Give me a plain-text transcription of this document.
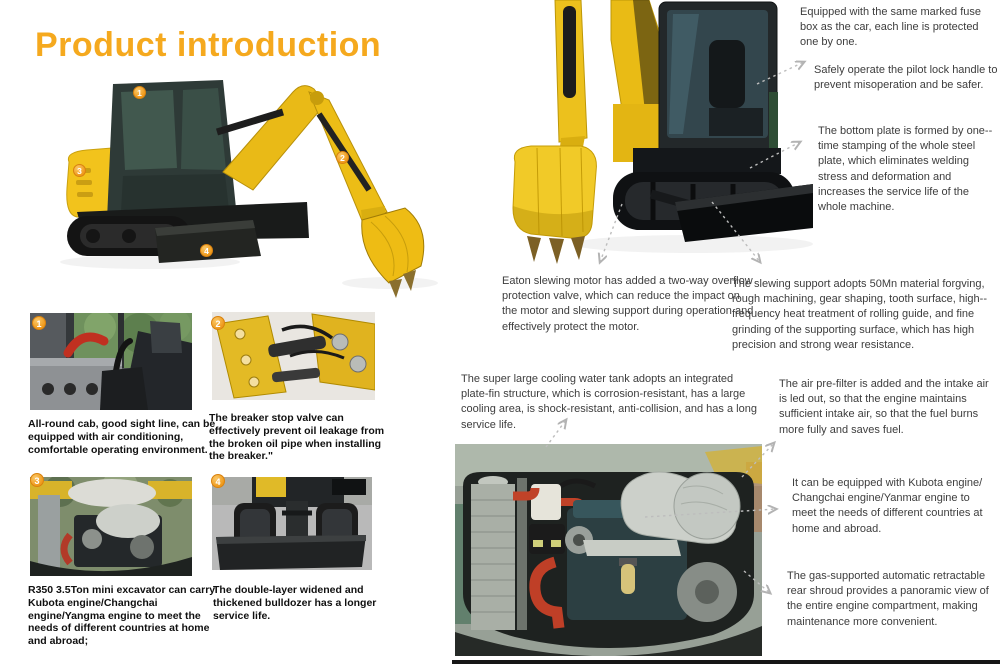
Product introduction
1
2
3
4
1

All-round cab, good sight line, can be equipped with air conditioning, comfortable operating environment.

2

The breaker stop valve can effectively prevent oil leakage from the broken oil pipe when installing the breaker."

3

R350 3.5Ton mini excavator can carry Kubota engine/Changchai engine/Yangma engine to meet the needs of different countries at home and abroad;

4

The double-layer widened and thickened bulldozer has a longer service life.

Equipped with the same marked fuse box as the car, each line is protected one by one.

Safely operate the pilot lock handle to prevent misoperation and be safer.

The bottom plate is formed by one--time stamping of the whole steel plate, which eliminates welding stress and deformation and increases the service life of the whole machine.

Eaton slewing motor has added a two-way overflow protection valve, which can reduce the impact on the motor and slewing support during operation and effectively protect the motor.

The slewing support adopts 50Mn material forgving, rough machining, gear shaping, tooth surface, high--frequency heat treatment of rolling guide, and fine grinding of the supporting surface, which has high precision and strong wear resistance.

The super large cooling water tank adopts an integrated plate-fin structure, which is corrosion-resistant, has a large cooling area, is shock-resistant, anti-collision, and has a long service life.

The air pre-filter is added and the intake air is led out, so that the engine maintains sufficient intake air, so that the fuel burns more fully and saves fuel.

It can be equipped with Kubota engine/ Changchai engine/Yanmar engine to meet the needs of different countries at home and abroad.

The gas-supported automatic retractable rear shroud provides a panoramic view of the entire engine compartment, making maintenance more convenient.
